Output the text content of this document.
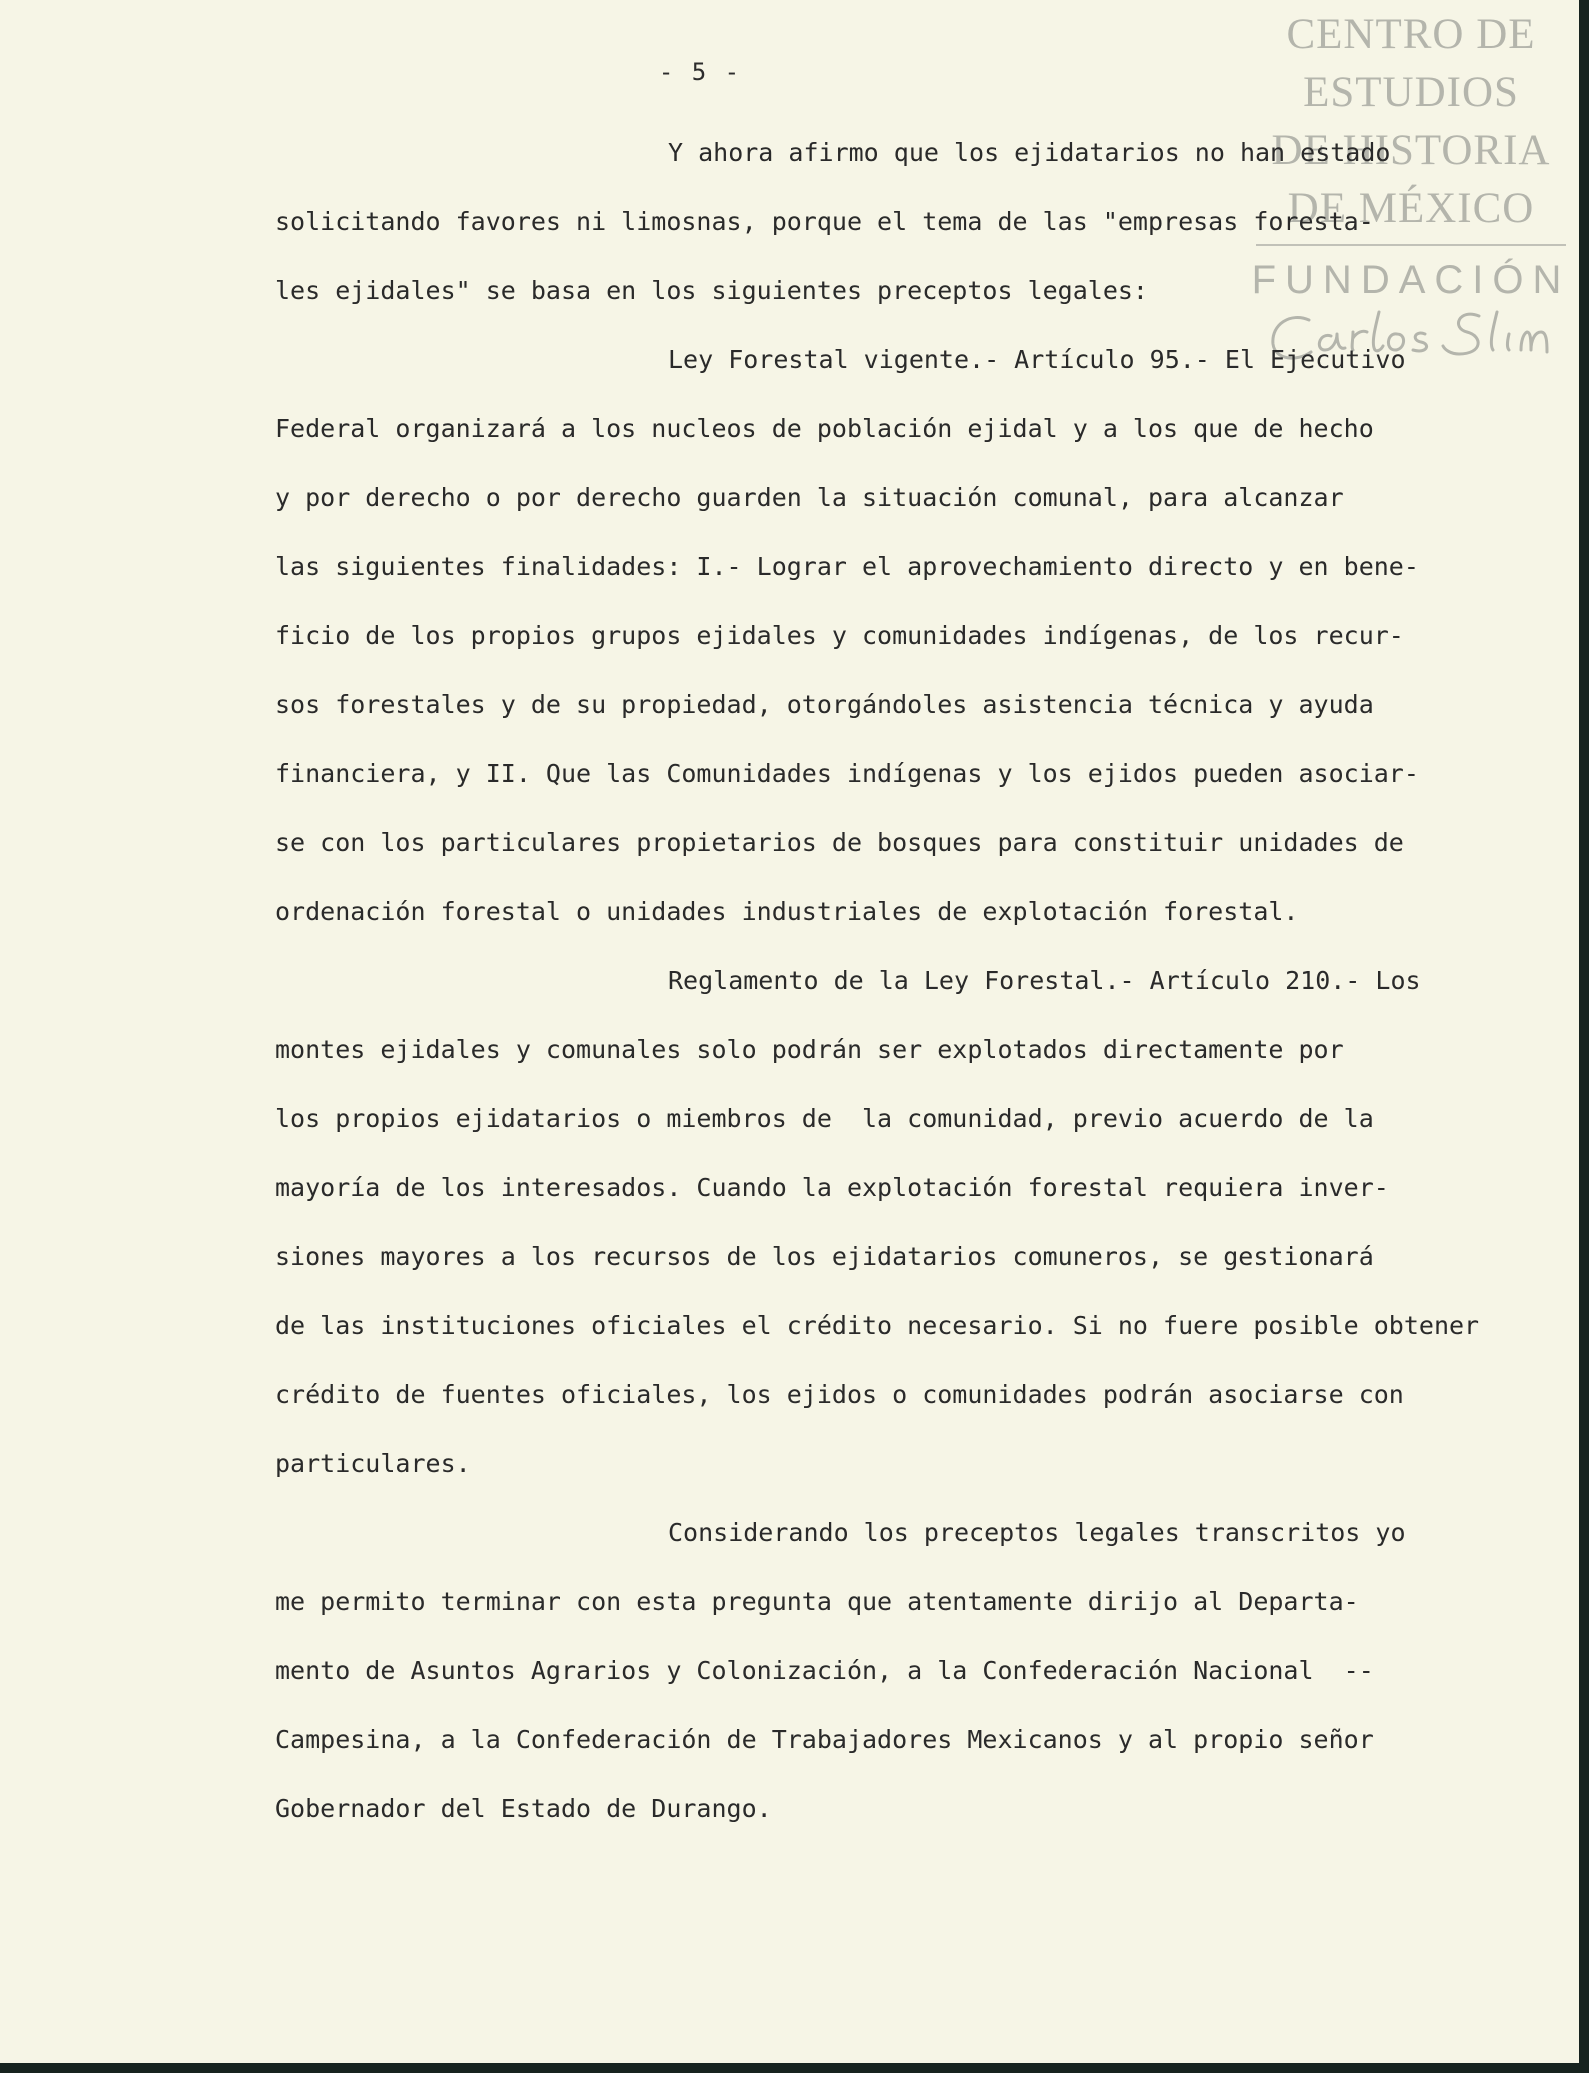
- 5 -
CENTRO DE
ESTUDIOS
DE HISTORIA
DE MÉXICO
FUNDACIÓN
Y ahora afirmo que los ejidatarios no han estado
solicitando favores ni limosnas, porque el tema de las "empresas foresta-
les ejidales" se basa en los siguientes preceptos legales:
Ley Forestal vigente.- Artículo 95.- El Ejecutivo
Federal organizará a los nucleos de población ejidal y a los que de hecho
y por derecho o por derecho guarden la situación comunal, para alcanzar
las siguientes finalidades: I.- Lograr el aprovechamiento directo y en bene-
ficio de los propios grupos ejidales y comunidades indígenas, de los recur-
sos forestales y de su propiedad, otorgándoles asistencia técnica y ayuda
financiera, y II. Que las Comunidades indígenas y los ejidos pueden asociar-
se con los particulares propietarios de bosques para constituir unidades de
ordenación forestal o unidades industriales de explotación forestal.
Reglamento de la Ley Forestal.- Artículo 210.- Los
montes ejidales y comunales solo podrán ser explotados directamente por
los propios ejidatarios o miembros de  la comunidad, previo acuerdo de la
mayoría de los interesados. Cuando la explotación forestal requiera inver-
siones mayores a los recursos de los ejidatarios comuneros, se gestionará
de las instituciones oficiales el crédito necesario. Si no fuere posible obtener
crédito de fuentes oficiales, los ejidos o comunidades podrán asociarse con
particulares.
Considerando los preceptos legales transcritos yo
me permito terminar con esta pregunta que atentamente dirijo al Departa-
mento de Asuntos Agrarios y Colonización, a la Confederación Nacional  --
Campesina, a la Confederación de Trabajadores Mexicanos y al propio señor
Gobernador del Estado de Durango.
